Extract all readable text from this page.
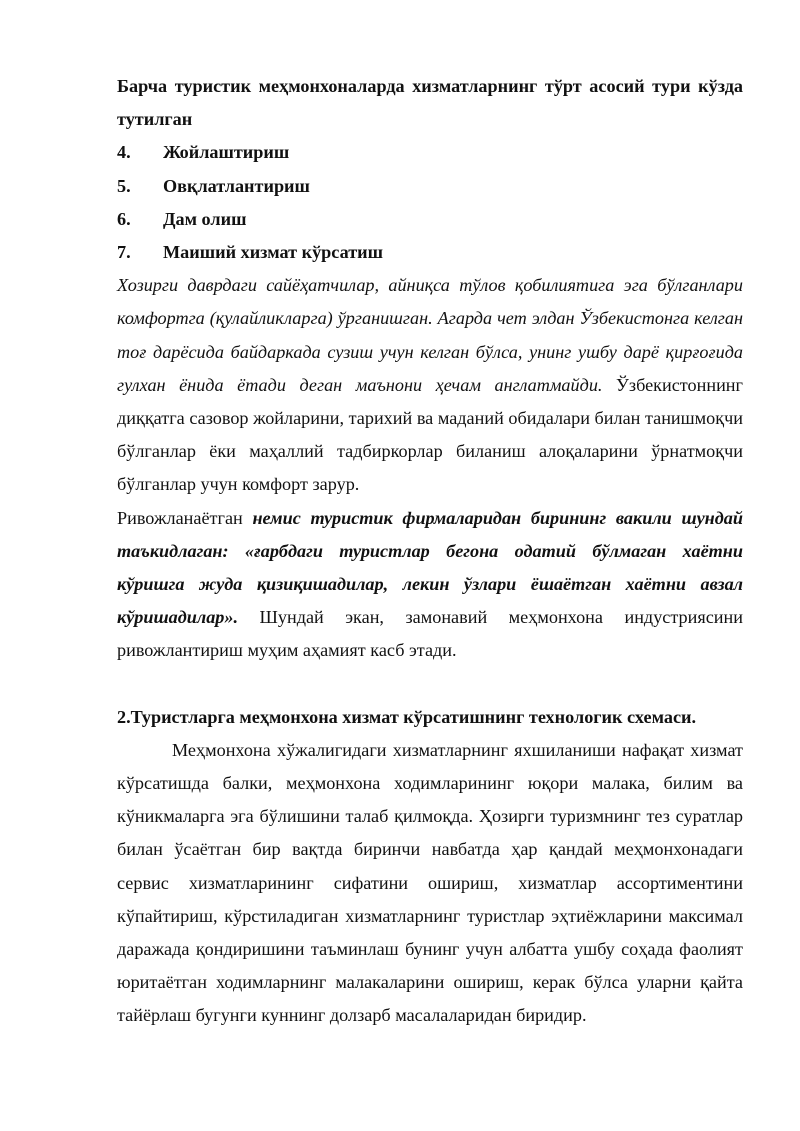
Барча туристик меҳмонхоналарда хизматларнинг тўрт асосий тури кўзда тутилган

4.	Жойлаштириш
5.	Овқлатлантириш
6.	Дам олиш
7.	Маиший хизмат кўрсатиш

Хозирги даврдаги сайёҳатчилар, айниқса тўлов қобилиятига эга бўлганлари комфортга (қулайликларга) ўрганишган. Агарда чет элдан Ўзбекистонга келган тоғ дарёсида байдаркада сузиш учун келган бўлса, унинг ушбу дарё қирғоғида гулхан ёнида ётади деган маънони ҳечам англатмайди. Ўзбекистоннинг диққатга сазовор жойларини, тарихий ва маданий обидалари билан танишмоқчи бўлганлар ёки маҳаллий тадбиркорлар биланиш алоқаларини ўрнатмоқчи бўлганлар учун комфорт зарур.

Ривожланаётган немис туристик фирмаларидан бирининг вакили шундай таъкидлаган: «ғарбдаги туристлар бегона одатий бўлмаган хаётни кўришга жуда қизиқишадилар, лекин ўзлари ёшаётган хаётни авзал кўришадилар». Шундай экан, замонавий меҳмонхона индустриясини ривожлантириш муҳим аҳамият касб этади.

2.Туристларга меҳмонхона хизмат кўрсатишнинг технологик схемаси.

Меҳмонхона хўжалигидаги хизматларнинг яхшиланиши нафақат хизмат кўрсатишда балки, меҳмонхона ходимларининг юқори малака, билим ва кўникмаларга эга бўлишини талаб қилмоқда. Ҳозирги туризмнинг тез суратлар билан ўсаётган бир вақтда биринчи навбатда ҳар қандай меҳмонхонадаги сервис хизматларининг сифатини ошириш, хизматлар ассортиментини кўпайтириш, кўрстиладиган хизматларнинг туристлар эҳтиёжларини максимал даражада қондиришини таъминлаш бунинг учун албатта ушбу соҳада фаолият юритаётган ходимларнинг малакаларини ошириш, керак бўлса уларни қайта тайёрлаш бугунги куннинг долзарб масалаларидан биридир.
